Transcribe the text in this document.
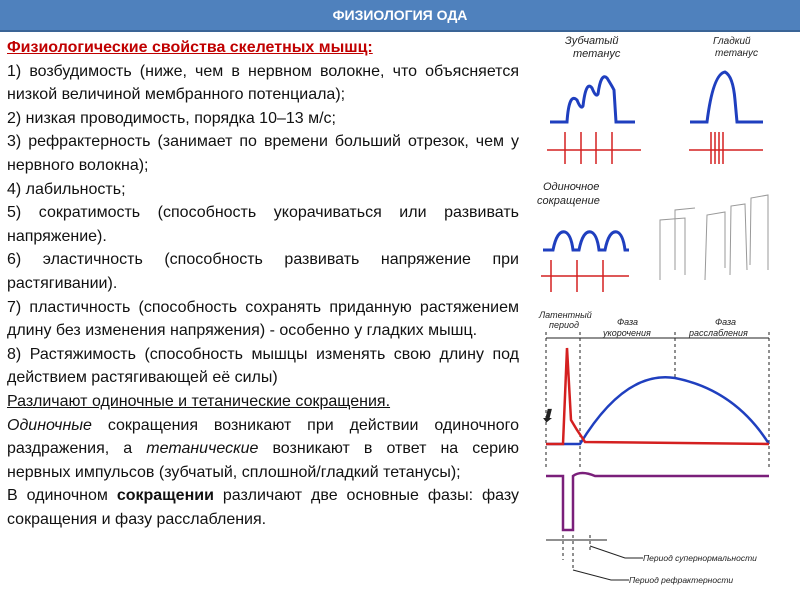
ФИЗИОЛОГИЯ ОДА

Физиологические свойства скелетных мышц:

1) возбудимость (ниже, чем в нервном волокне, что объясняется низкой величиной мембранного потенциала);

2) низкая проводимость, порядка 10–13 м/с;

3) рефрактерность (занимает по времени больший отрезок, чем у нервного волокна);

4) лабильность;

5) сократимость (способность укорачиваться или развивать напряжение).

6) эластичность (способность развивать напряжение при растягивании).

7) пластичность (способность сохранять приданную растяжением длину без изменения напряжения) - особенно у гладких мышц.

8) Растяжимость (способность мышцы изменять свою длину под действием растягивающей её силы)

Различают одиночные и тетанические сокращения.

Одиночные сокращения возникают при действии одиночного раздражения, а тетанические возникают в ответ на серию нервных импульсов (зубчатый, сплошной/гладкий тетанусы);

В одиночном сокращении различают две основные фазы: фазу сокращения и фазу расслабления.

Зубчатый
тетанус
Гладкий
тетанус
Одиночное
сокращение
Латентный
период	Фаза
укорочения
Фаза
расслабления
⬇
Период супернормальности
Период рефрактерности
